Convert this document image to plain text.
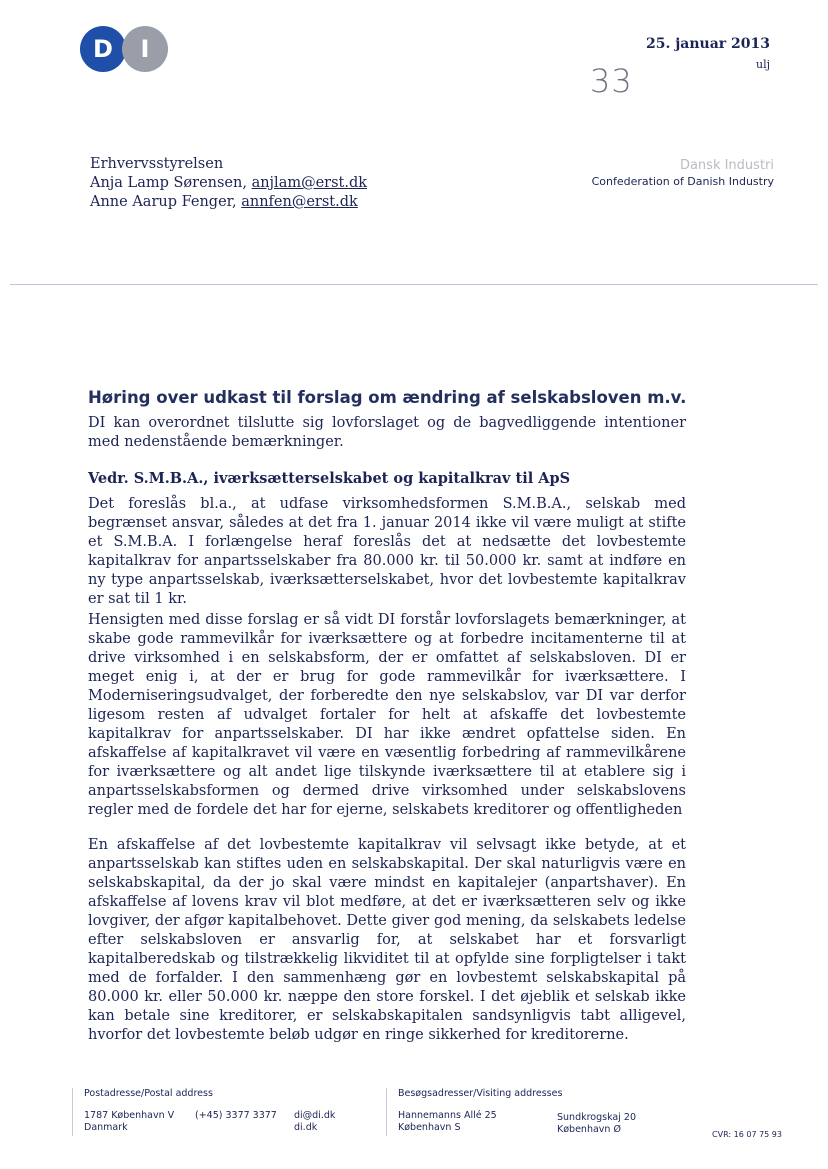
D	I	25. januar 2013
ulj
33
Erhvervsstyrelsen
Anja Lamp Sørensen, anjlam@erst.dk
Anne Aarup Fenger, annfen@erst.dk
Dansk Industri
Confederation of Danish Industry
Høring over udkast til forslag om ændring af selskabsloven m.v.
DI kan overordnet tilslutte sig lovforslaget og de bagvedliggende intentioner med nedenstående bemærkninger.
Vedr. S.M.B.A., iværksætterselskabet og kapitalkrav til ApS
Det foreslås bl.a., at udfase virksomhedsformen S.M.B.A., selskab med begrænset ansvar, således at det fra 1. januar 2014 ikke vil være muligt at stifte et S.M.B.A. I forlængelse heraf foreslås det at nedsætte det lovbestemte kapitalkrav for anpartsselskaber fra 80.000 kr. til 50.000 kr. samt at indføre en ny type anpartsselskab, iværksætterselskabet, hvor det lovbestemte kapitalkrav er sat til 1 kr.
Hensigten med disse forslag er så vidt DI forstår lovforslagets bemærkninger, at skabe gode rammevilkår for iværksættere og at forbedre incitamenterne til at drive virksomhed i en selskabsform, der er omfattet af selskabsloven. DI er meget enig i, at der er brug for gode rammevilkår for iværksættere. I Moderniseringsudvalget, der forberedte den nye selskabslov, var DI var derfor ligesom resten af udvalget fortaler for helt at afskaffe det lovbestemte kapitalkrav for anpartsselskaber. DI har ikke ændret opfattelse siden. En afskaffelse af kapitalkravet vil være en væsentlig forbedring af rammevilkårene for iværksættere og alt andet lige tilskynde iværksættere til at etablere sig i anpartsselskabsformen og dermed drive virksomhed under selskabslovens regler med de fordele det har for ejerne, selskabets kreditorer og offentligheden
En afskaffelse af det lovbestemte kapitalkrav vil selvsagt ikke betyde, at et anpartsselskab kan stiftes uden en selskabskapital. Der skal naturligvis være en selskabskapital, da der jo skal være mindst en kapitalejer (anpartshaver). En afskaffelse af lovens krav vil blot medføre, at det er iværksætteren selv og ikke lovgiver, der afgør kapitalbehovet. Dette giver god mening, da selskabets ledelse efter selskabsloven er ansvarlig for, at selskabet har et forsvarligt kapitalberedskab og tilstrækkelig likviditet til at opfylde sine forpligtelser i takt med de forfalder. I den sammenhæng gør en lovbestemt selskabskapital på 80.000 kr. eller 50.000 kr. næppe den store forskel. I det øjeblik et selskab ikke kan betale sine kreditorer, er selskabskapitalen sandsynligvis tabt alligevel, hvorfor det lovbestemte beløb udgør en ringe sikkerhed for kreditorerne.
Postadresse/Postal address
1787 København V
Danmark
(+45) 3377 3377 di@di.dk
di.dk
Besøgsadresser/Visiting addresses
Hannemanns Allé 25
København S
Sundkrogskaj 20
København Ø	CVR: 16 07 75 93
